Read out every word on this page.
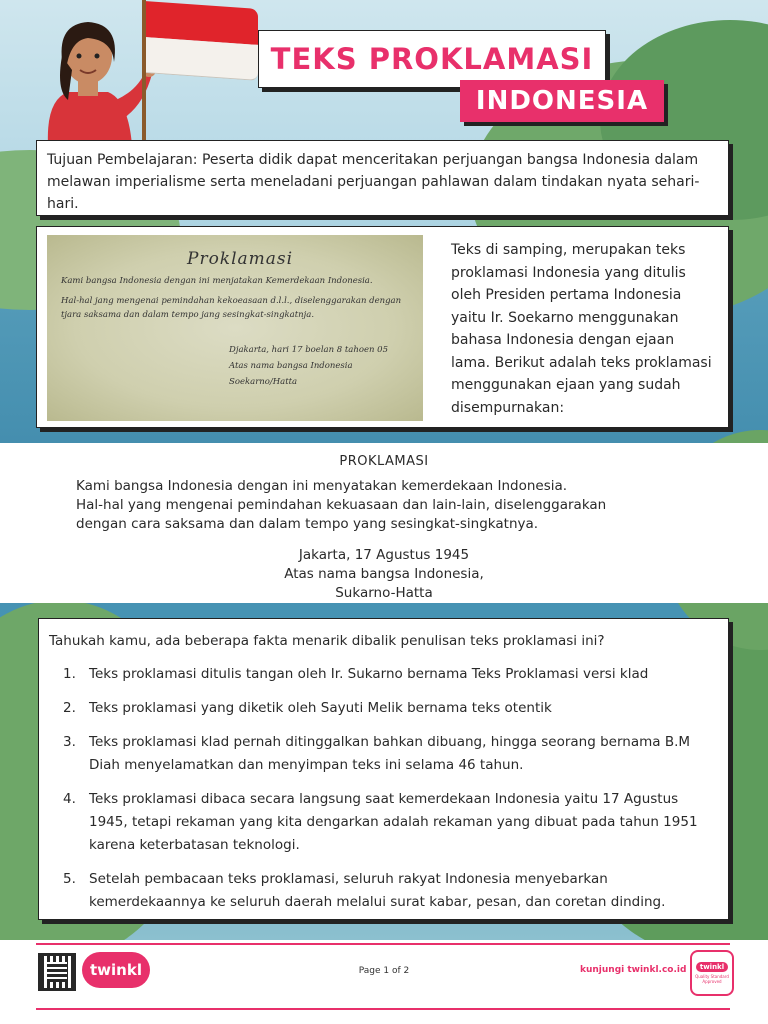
TEKS PROKLAMASI
INDONESIA

Tujuan Pembelajaran: Peserta didik dapat menceritakan perjuangan bangsa Indonesia dalam melawan imperialisme serta meneladani perjuangan pahlawan dalam tindakan nyata sehari-hari.

Proklamasi
Kami bangsa Indonesia dengan ini menjatakan Kemerdekaan Indonesia.
Hal-hal jang mengenai pemindahan kekoeasaan d.l.l., diselenggarakan dengan tjara saksama dan dalam tempo jang sesingkat-singkatnja.
Djakarta, hari 17 boelan 8 tahoen 05
Atas nama bangsa Indonesia
Soekarno/Hatta

Teks di samping, merupakan teks proklamasi Indonesia yang ditulis oleh Presiden pertama Indonesia yaitu Ir. Soekarno menggunakan bahasa Indonesia dengan ejaan lama. Berikut adalah teks proklamasi menggunakan ejaan yang sudah disempurnakan:

PROKLAMASI
Kami bangsa Indonesia dengan ini menyatakan kemerdekaan Indonesia.
Hal-hal yang mengenai pemindahan kekuasaan dan lain-lain, diselenggarakan
dengan cara saksama dan dalam tempo yang sesingkat-singkatnya.
Jakarta, 17 Agustus 1945
Atas nama bangsa Indonesia,
Sukarno-Hatta

Tahukah kamu, ada beberapa fakta menarik dibalik penulisan teks proklamasi ini?

1. Teks proklamasi ditulis tangan oleh Ir. Sukarno bernama Teks Proklamasi versi klad
2. Teks proklamasi yang diketik oleh Sayuti Melik bernama teks otentik
3. Teks proklamasi klad pernah ditinggalkan bahkan dibuang, hingga seorang bernama B.M Diah menyelamatkan dan menyimpan teks ini selama 46 tahun.
4. Teks proklamasi dibaca secara langsung saat kemerdekaan Indonesia yaitu 17 Agustus 1945, tetapi rekaman yang kita dengarkan adalah rekaman yang dibuat pada tahun 1951 karena keterbatasan teknologi.
5. Setelah pembacaan teks proklamasi, seluruh rakyat Indonesia menyebarkan kemerdekaannya ke seluruh daerah melalui surat kabar, pesan, dan coretan dinding.
twinkl	Page 1 of 2	kunjungi twinkl.co.id	twinkl
Quality Standard Approved
